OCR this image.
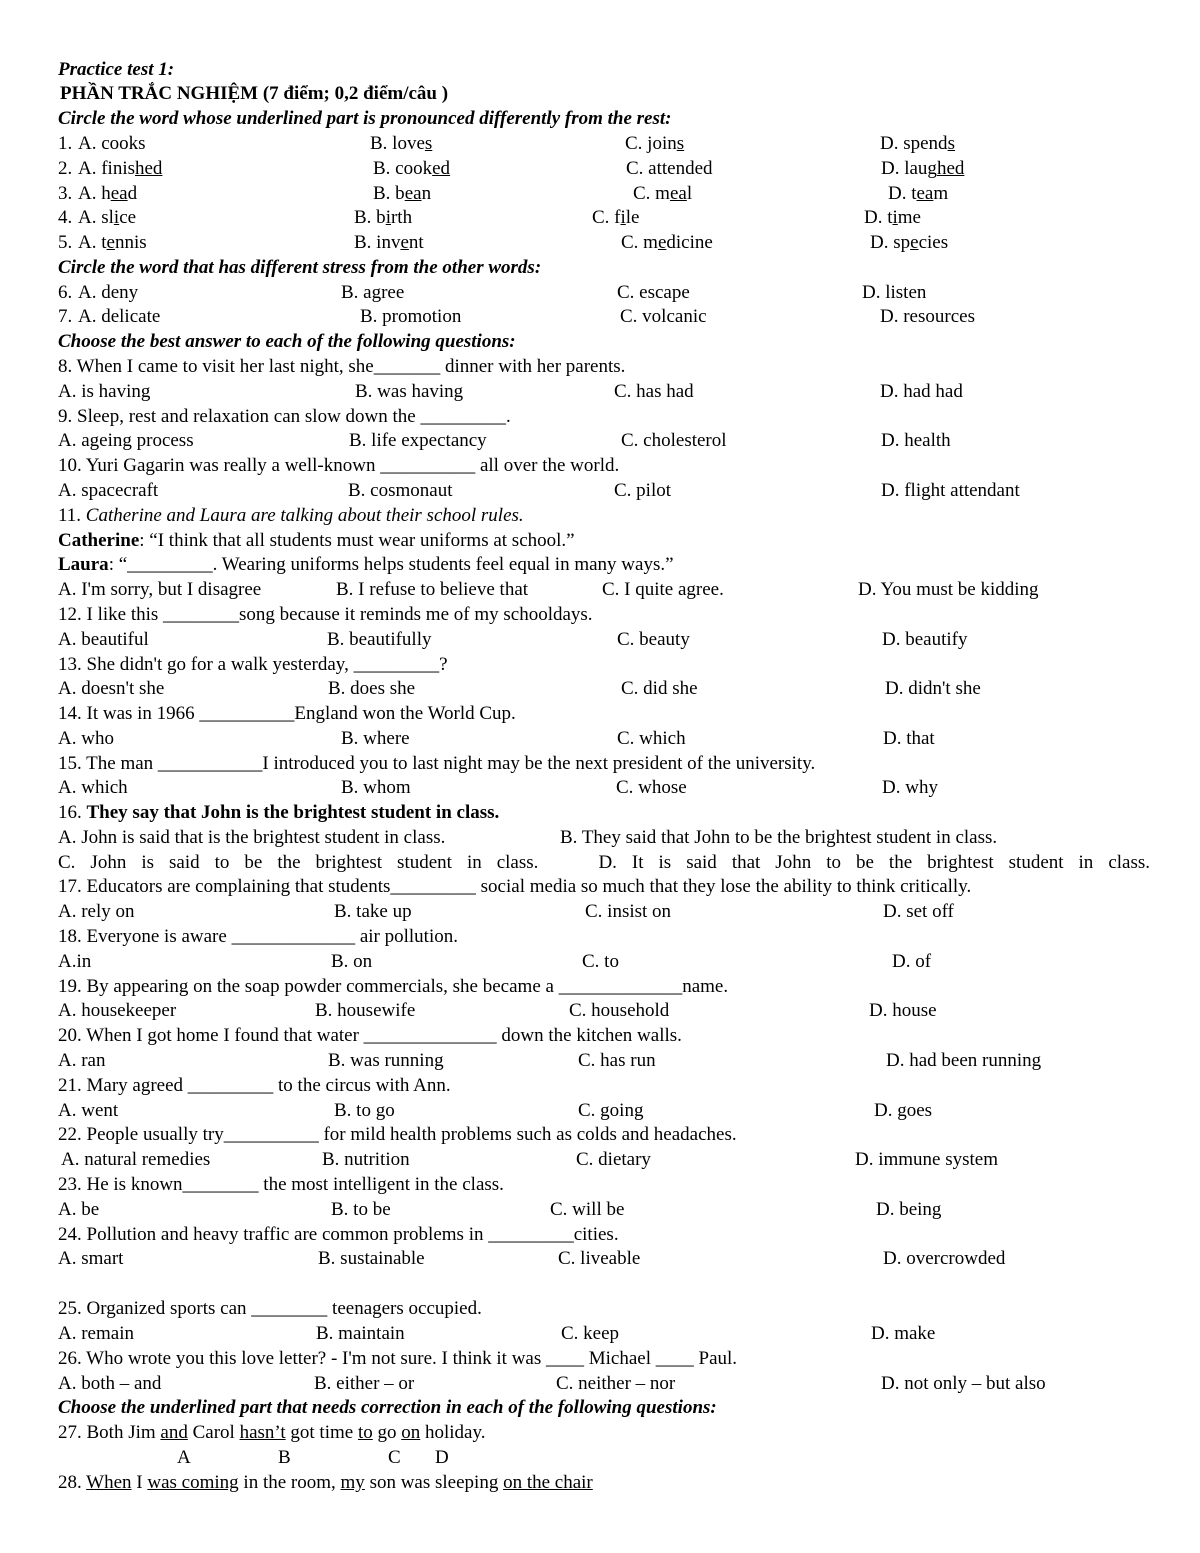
Practice test 1:
PHẦN TRẮC NGHIỆM (7 điểm; 0,2 điểm/câu )
Circle the word whose underlined part is pronounced differently from the rest:
1. A. cooks	B. loves	C. joins	D. spends
2. A. finished	B. cooked	C. attended	D. laughed
3. A. head	B. bean	C. meal	D. team
4. A. slice	B. birth	C. file	D. time
5. A. tennis	B. invent	C. medicine	D. species
Circle the word that has different stress from the other words:
6. A. deny	B. agree	C. escape	D. listen
7. A. delicate	B. promotion	C. volcanic	D. resources
Choose the best answer to each of the following questions:
8. When I came to visit her last night, she_______ dinner with her parents.
A. is having	B. was having	C. has had	D. had had
9. Sleep, rest and relaxation can slow down the _________.
A. ageing process	B. life expectancy	C. cholesterol	D. health
10. Yuri Gagarin was really a well-known __________ all over the world.
A. spacecraft	B. cosmonaut	C. pilot	D. flight attendant
11. Catherine and Laura are talking about their school rules.
Catherine: “I think that all students must wear uniforms at school.”
Laura: “_________. Wearing uniforms helps students feel equal in many ways.”
A. I'm sorry, but I disagree	B. I refuse to believe that	C. I quite agree.	D. You must be kidding
12. I like this ________song because it reminds me of my schooldays.
A. beautiful	B. beautifully	C. beauty	D. beautify
13. She didn't go for a walk yesterday, _________?
A. doesn't she	B. does she	C. did she	D. didn't she
14. It was in 1966 __________England won the World Cup.
A. who	B. where	C. which	D. that
15. The man ___________I introduced you to last night may be the next president of the university.
A. which	B. whom	C. whose	D. why
16. They say that John is the brightest student in class.
A. John is said that is the brightest student in class.	B. They said that John to be the brightest student in class.
C. John is said to be the brightest student in class.	D. It is said that John to be the brightest student in class.
17. Educators are complaining that students_________ social media so much that they lose the ability to think critically.
A. rely on	B. take up	C. insist on	D. set off
18. Everyone is aware _____________ air pollution.
A.in	B. on	C. to	D. of
19. By appearing on the soap powder commercials, she became a _____________name.
A. housekeeper	B. housewife	C. household	D. house
20. When I got home I found that water ______________ down the kitchen walls.
A. ran	B. was running	C. has run	D. had been running
21. Mary agreed _________ to the circus with Ann.
A. went	B. to go	C. going	D. goes
22. People usually try__________ for mild health problems such as colds and headaches.
A. natural remedies	B. nutrition	C. dietary	D. immune system
23. He is known________ the most intelligent in the class.
A. be	B. to be	C. will be	D. being
24. Pollution and heavy traffic are common problems in _________cities.
A. smart	B. sustainable	C. liveable	D. overcrowded
25. Organized sports can ________ teenagers occupied.
A. remain	B. maintain	C. keep	D. make
26. Who wrote you this love letter? - I'm not sure. I think it was ____ Michael ____ Paul.
A. both – and	B. either – or	C. neither – nor	D. not only – but also
Choose the underlined part that needs correction in each of the following questions:
27. Both Jim and Carol hasn’t got time to go on holiday.
A	B	C D
28. When I was coming in the room, my son was sleeping on the chair
